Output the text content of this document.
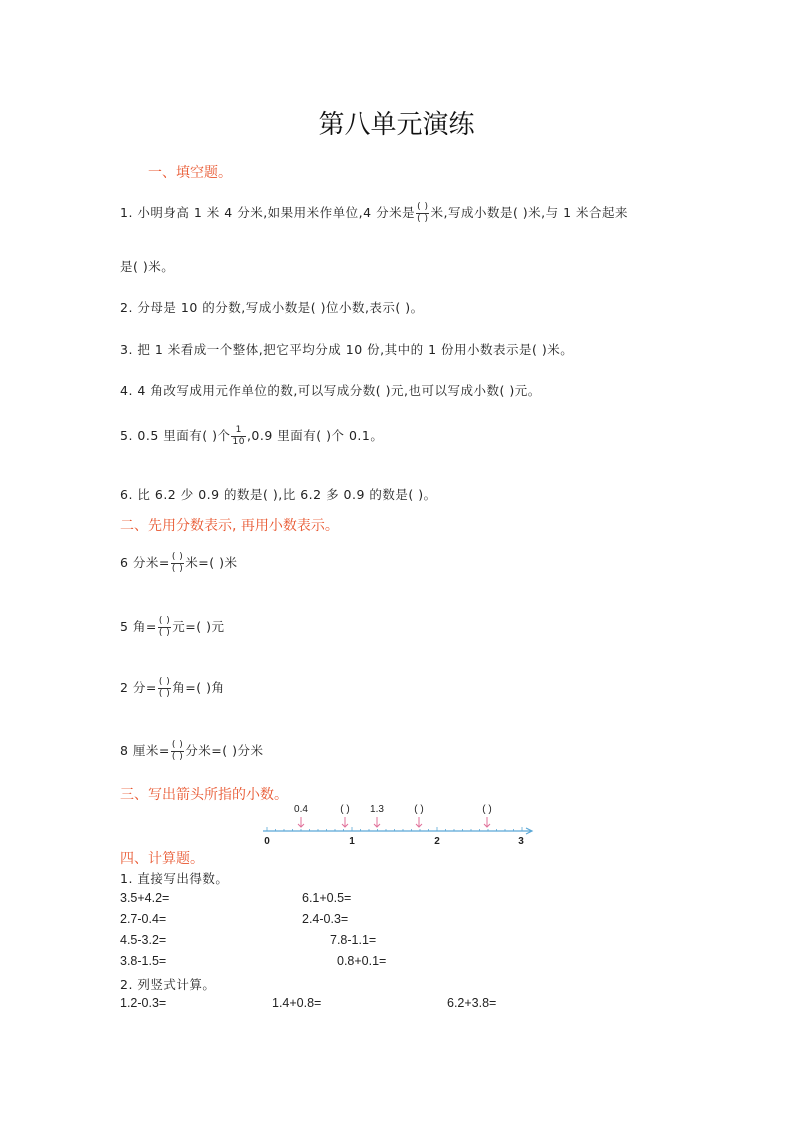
第八单元演练
一、填空题。
1. 小明身高 1 米 4 分米,如果用米作单位,4 分米是 $\frac{( )}{( )}$ 米,写成小数是( )米,与 1 米合起来
是( )米。
2. 分母是 10 的分数,写成小数是( )位小数,表示( )。
3. 把 1 米看成一个整体,把它平均分成 10 份,其中的 1 份用小数表示是( )米。
4. 4 角改写成用元作单位的数,可以写成分数( )元,也可以写成小数( )元。
5. 0.5 里面有( )个 $\frac{1}{10} ,0.9$ 里面有( )个 0.1。
6. 比 6.2 少 0.9 的数是( ),比 6.2 多 0.9 的数是( )。
二、先用分数表示, 再用小数表示。
6 分米= $\frac{( )}{( )}$ 米=( )米
5 角= $\frac{( )}{( )}$ 元=( )元
2 分= $\frac{( )}{( )}$ 角=( )角
8 厘米= $\frac{( )}{( )}$ 分米=( )分米
三、写出箭头所指的小数。
0.4	( ) 1.3	( )	( )
0	1	2	3
四、计算题。
1. 直接写出得数。
3.5+4.2=	6.1+0.5=
2.7-0.4=	2.4-0.3=
4.5-3.2=	7.8-1.1=
3.8-1.5=	0.8+0.1=
2. 列竖式计算。
1.2-0.3=	1.4+0.8=	6.2+3.8=
